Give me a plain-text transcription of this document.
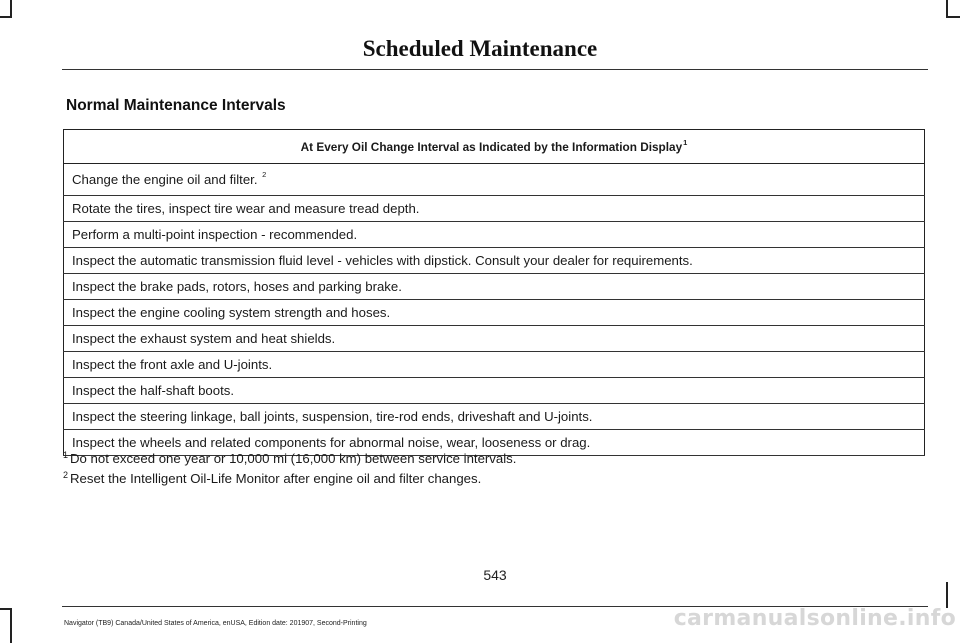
Scheduled Maintenance
Normal Maintenance Intervals
At Every Oil Change Interval as Indicated by the Information Display$^1$
Change the engine oil and filter. $^2$
Rotate the tires, inspect tire wear and measure tread depth.
Perform a multi-point inspection - recommended.
Inspect the automatic transmission fluid level - vehicles with dipstick. Consult your dealer for requirements.
Inspect the brake pads, rotors, hoses and parking brake.
Inspect the engine cooling system strength and hoses.
Inspect the exhaust system and heat shields.
Inspect the front axle and U-joints.
Inspect the half-shaft boots.
Inspect the steering linkage, ball joints, suspension, tire-rod ends, driveshaft and U-joints.
Inspect the wheels and related components for abnormal noise, wear, looseness or drag.
$^1$ Do not exceed one year or 10,000 mi (16,000 km) between service intervals.
$^2$ Reset the Intelligent Oil-Life Monitor after engine oil and filter changes.
543
Navigator (TB9) Canada/United States of America, enUSA, Edition date: 201907, Second-Printing	carmanualsonline.info
